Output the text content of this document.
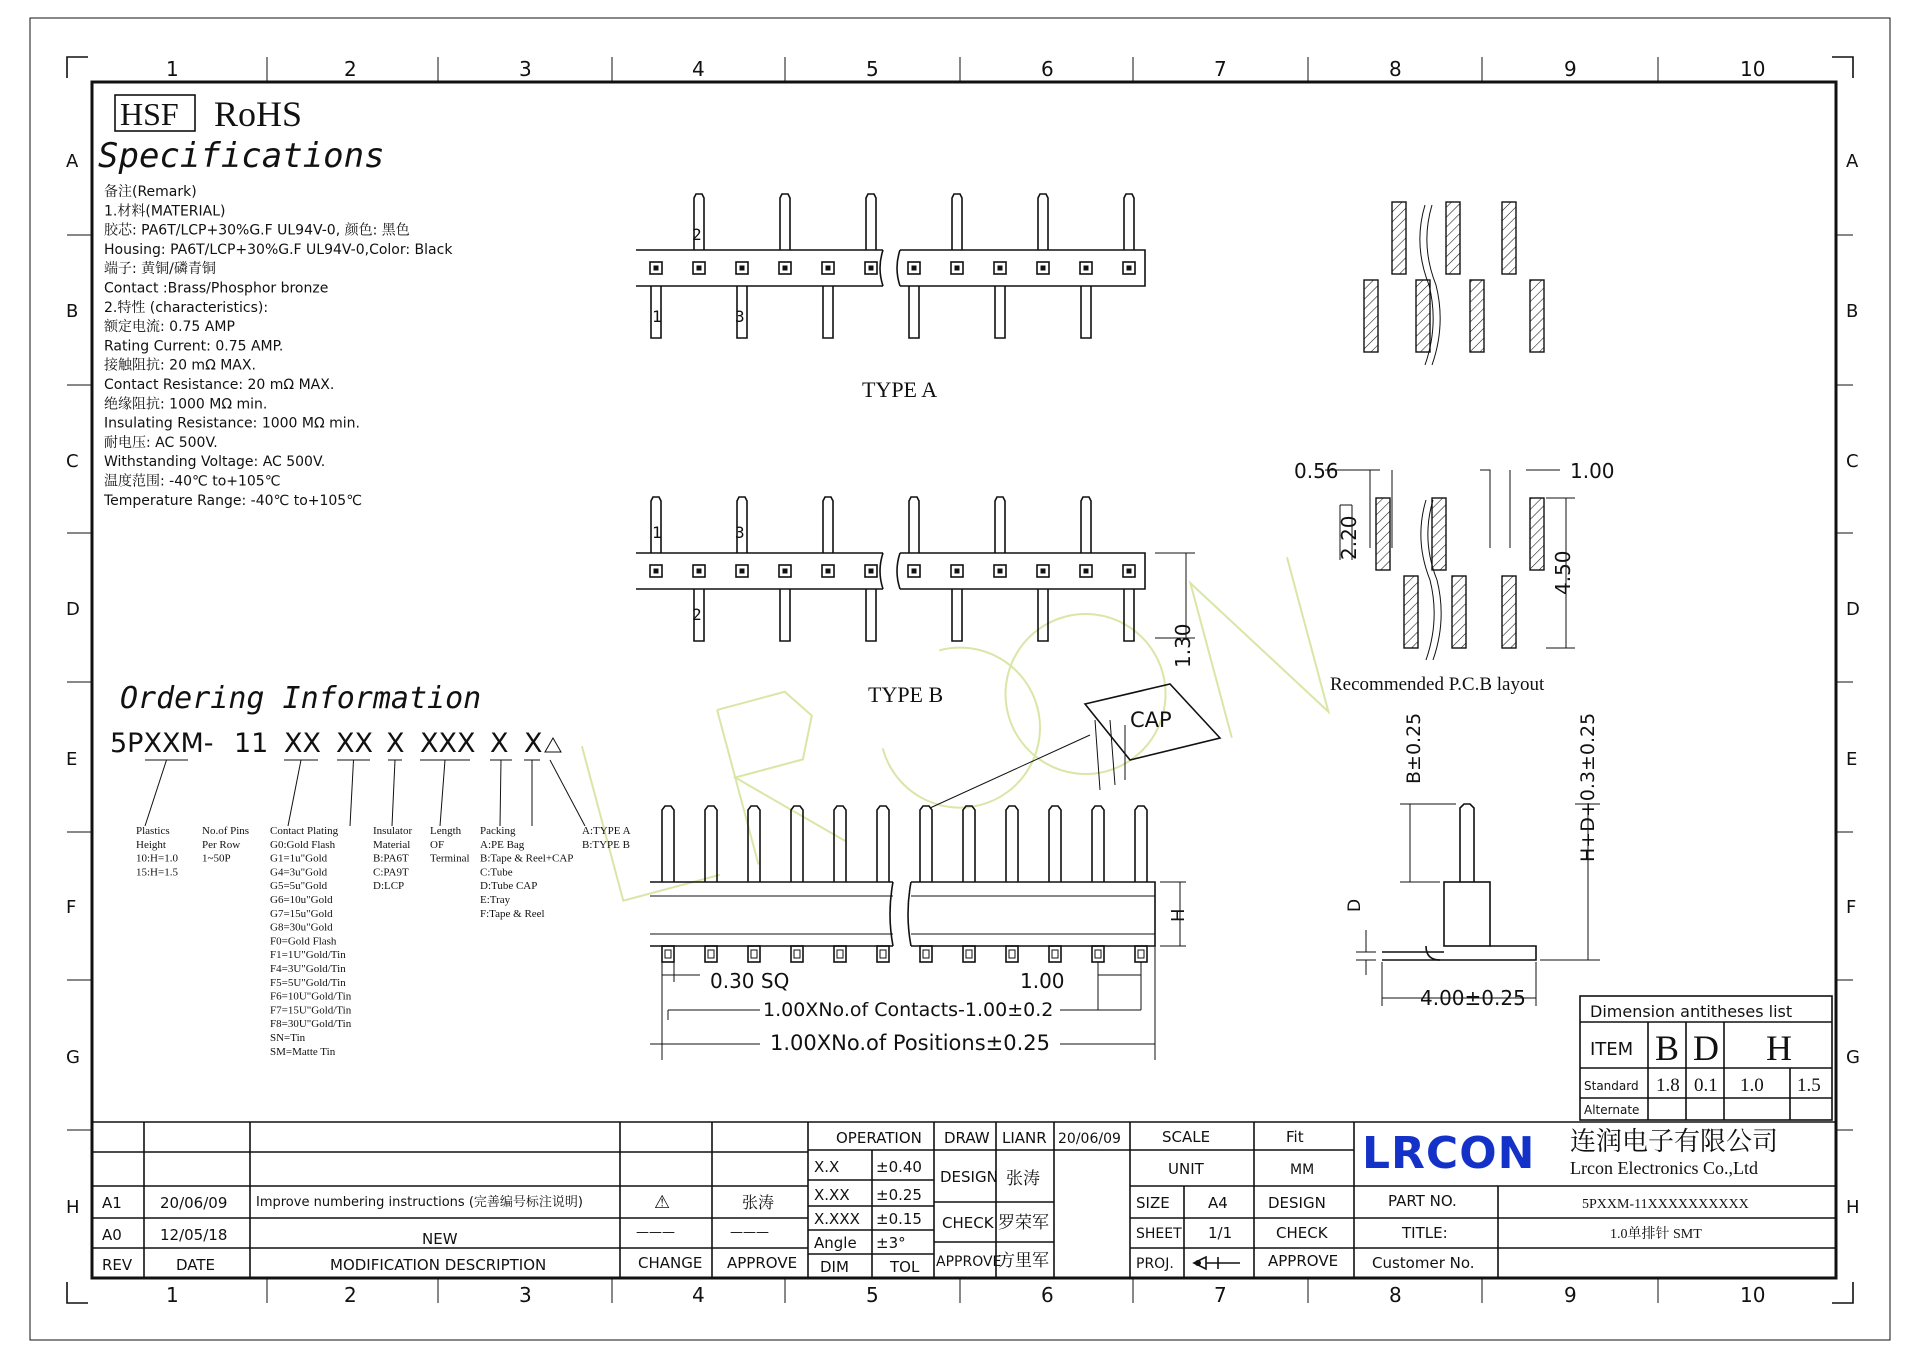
1	2	3	4	5	6	7	8	9	10
1	2	3	4	5	6	7	8	9	10
A
B
C
D
E
F
G
H
A
B
C
D
E
F
G
H
HSF RoHS
Specifications
备注(Remark)
1.材料(MATERIAL)
胶芯: PA6T/LCP+30%G.F UL94V-0, 颜色: 黑色
Housing: PA6T/LCP+30%G.F UL94V-0,Color: Black
端子: 黄铜/磷青铜
Contact :Brass/Phosphor bronze
2.特性 (characteristics):
额定电流: 0.75 AMP
Rating Current: 0.75 AMP.
接触阻抗: 20 mΩ MAX.
Contact Resistance: 20 mΩ MAX.
绝缘阻抗: 1000 MΩ min.
Insulating Resistance: 1000 MΩ min.
耐电压: AC 500V.
Withstanding Voltage: AC 500V.
温度范围: -40℃ to+105℃
Temperature Range: -40℃ to+105℃
Ordering Information
5PXXM- 11 XX XX X XXX X X
Plastics
Height
10:H=1.0
15:H=1.5
No.of Pins
Per Row
1~50P
Contact Plating
G0:Gold Flash
G1=1u"Gold
G4=3u"Gold
G5=5u"Gold
G6=10u"Gold
G7=15u"Gold
G8=30u"Gold
F0=Gold Flash
F1=1U"Gold/Tin
F4=3U"Gold/Tin
F5=5U"Gold/Tin
F6=10U"Gold/Tin
F7=15U"Gold/Tin
F8=30U"Gold/Tin
SN=Tin
SM=Matte Tin
Insulator
Material
B:PA6T
C:PA9T
D:LCP
Length
OF
Terminal
Packing
A:PE Bag
B:Tape & Reel+CAP
C:Tube
D:Tube CAP
E:Tray
F:Tape & Reel
A:TYPE A
B:TYPE B
TYPE A
2
1	3
TYPE B
1	3
2
1.30
0.30 SQ	1.00
1.00XNo.of Contacts-1.00±0.2
1.00XNo.of Positions±0.25
H
CAP
0.56	1.00
2.20
4.50
Recommended P.C.B layout
B±0.25	H+D+0.3±0.25
D
4.00±0.25
Dimension antitheses list
ITEM B D H
Standard 1.8 0.1 1.0 1.5
Alternate
REV	DATE	MODIFICATION DESCRIPTION	CHANGE APPROVE
A1	20/06/09 Improve numbering instructions (完善编号标注说明)	⚠	张涛
A0	12/05/18	NEW	———	———
OPERATION
X.X ±0.40
X.XX ±0.25
X.XXX ±0.15
Angle ±3°
DIM	TOL
DRAW LIANR 20/06/09
DESIGN 张涛
CHECK 罗荣军
APPROVE
方里军
SCALE	Fit
UNIT	MM
SIZE	A4
SHEET 1/1
PROJ.
DESIGN
CHECK
APPROVE
LRCON 连润电子有限公司
Lrcon Electronics Co.,Ltd
PART NO.	5PXXM-11XXXXXXXXXX
TITLE:	1.0单排针 SMT
Customer No.
